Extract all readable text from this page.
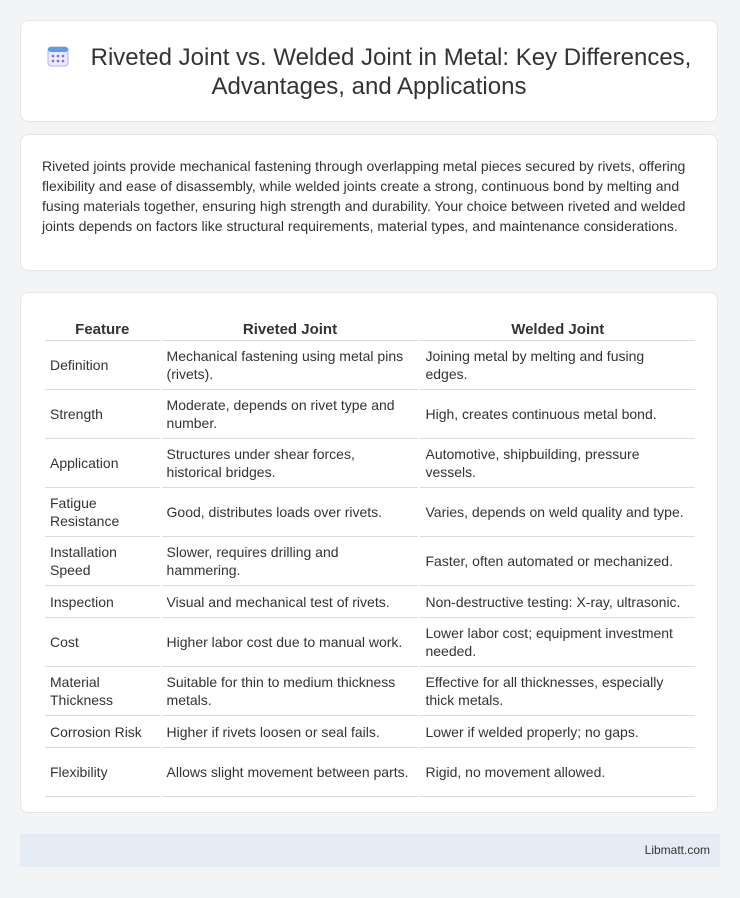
Riveted Joint vs. Welded Joint in Metal: Key Differences, Advantages, and Applications

Riveted joints provide mechanical fastening through overlapping metal pieces secured by rivets, offering flexibility and ease of disassembly, while welded joints create a strong, continuous bond by melting and fusing materials together, ensuring high strength and durability. Your choice between riveted and welded joints depends on factors like structural requirements, material types, and maintenance considerations.

Feature	Riveted Joint	Welded Joint
Definition	Mechanical fastening using metal pins (rivets).	Joining metal by melting and fusing edges.
Strength	Moderate, depends on rivet type and number.	High, creates continuous metal bond.
Application	Structures under shear forces, historical bridges.	Automotive, shipbuilding, pressure vessels.
Fatigue Resistance	Good, distributes loads over rivets.	Varies, depends on weld quality and type.
Installation Speed	Slower, requires drilling and hammering.	Faster, often automated or mechanized.
Inspection	Visual and mechanical test of rivets.	Non-destructive testing: X-ray, ultrasonic.
Cost	Higher labor cost due to manual work.	Lower labor cost; equipment investment needed.
Material Thickness	Suitable for thin to medium thickness metals.	Effective for all thicknesses, especially thick metals.
Corrosion Risk	Higher if rivets loosen or seal fails.	Lower if welded properly; no gaps.
Flexibility	Allows slight movement between parts.	Rigid, no movement allowed.
Libmatt.com
